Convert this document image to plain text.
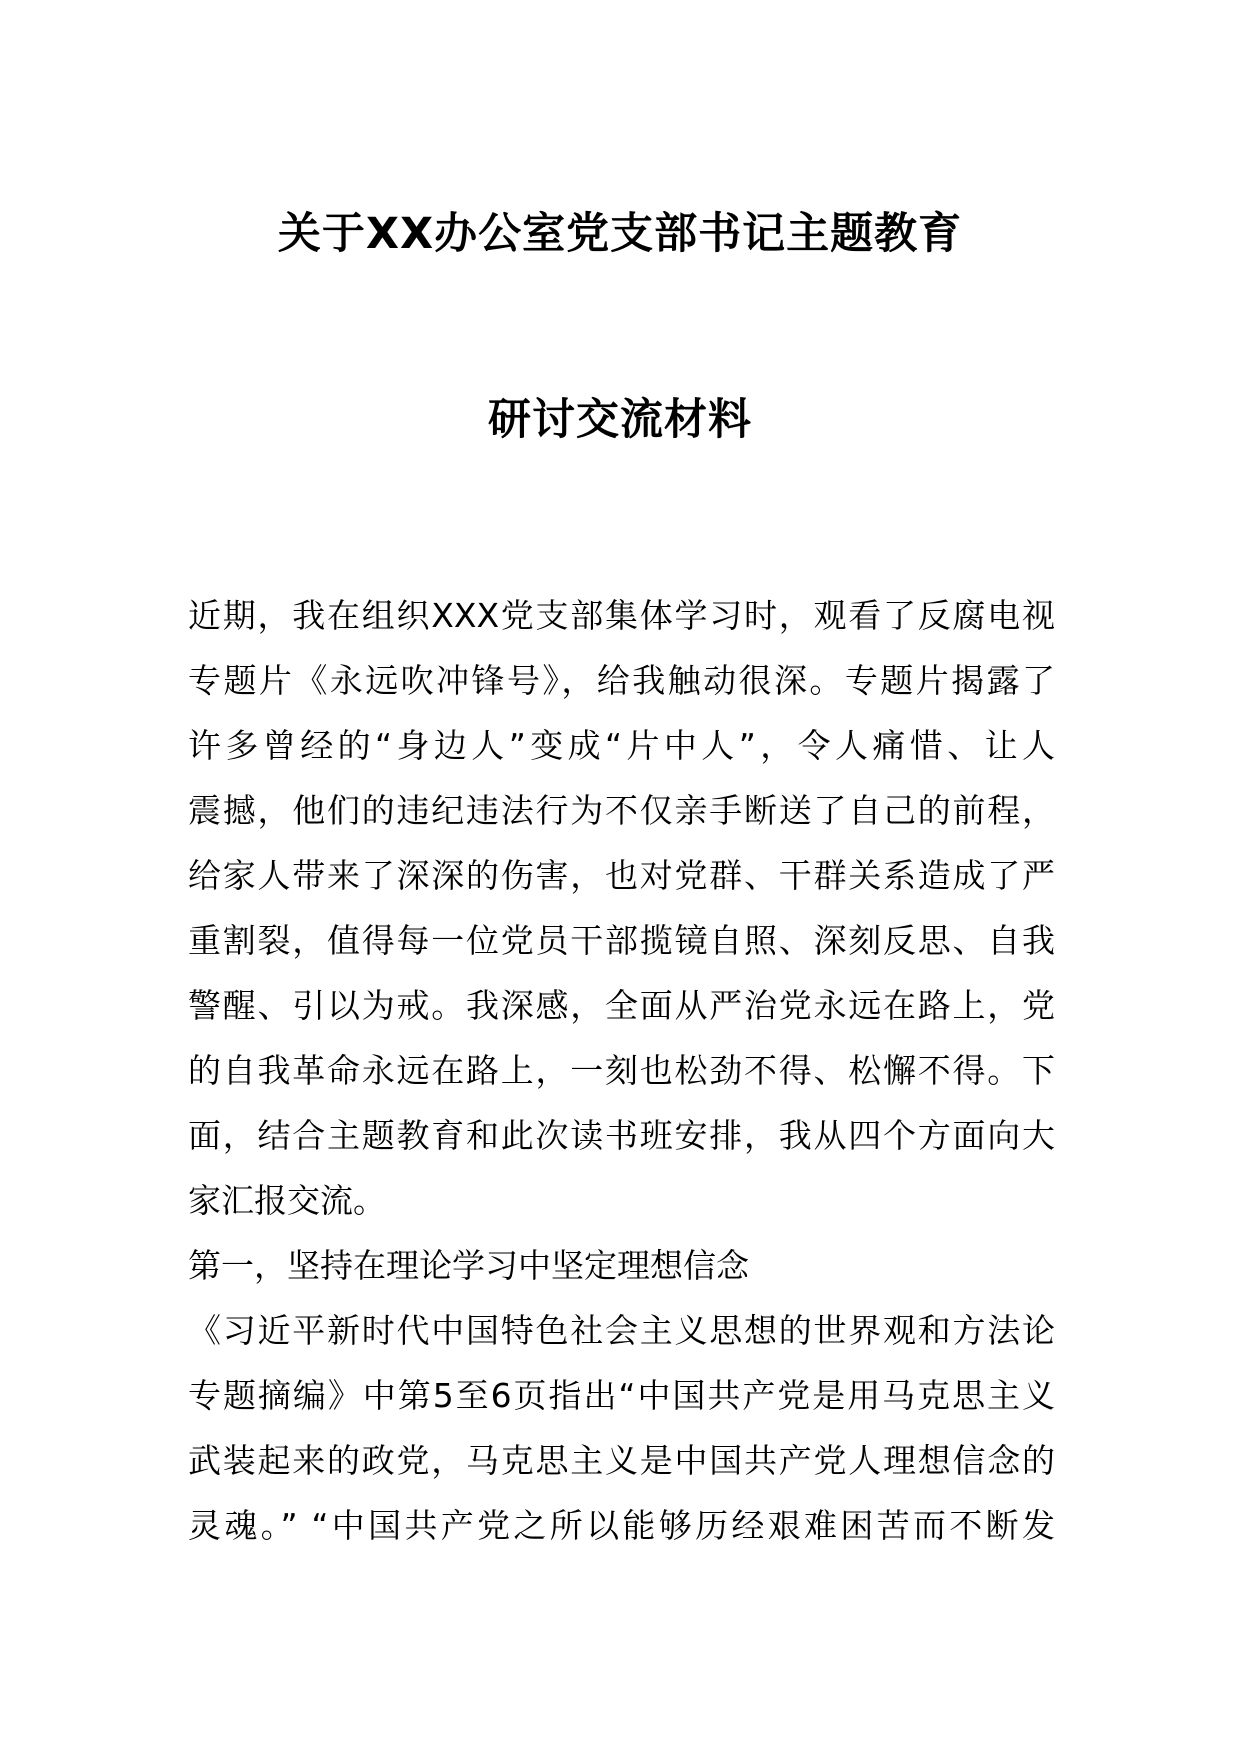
关于XX办公室党支部书记主题教育
研讨交流材料
近期，我在组织XXX党支部集体学习时，观看了反腐电视
专题片《永远吹冲锋号》，给我触动很深。专题片揭露了
许多曾经的“身边人”变成“片中人”，令人痛惜、让人
震撼，他们的违纪违法行为不仅亲手断送了自己的前程，
给家人带来了深深的伤害，也对党群、干群关系造成了严
重割裂，值得每一位党员干部揽镜自照、深刻反思、自我
警醒、引以为戒。我深感，全面从严治党永远在路上，党
的自我革命永远在路上，一刻也松劲不得、松懈不得。下
面，结合主题教育和此次读书班安排，我从四个方面向大
家汇报交流。
第一，坚持在理论学习中坚定理想信念
《习近平新时代中国特色社会主义思想的世界观和方法论
专题摘编》中第5至6页指出“中国共产党是用马克思主义
武装起来的政党，马克思主义是中国共产党人理想信念的
灵魂。” “中国共产党之所以能够历经艰难困苦而不断发
